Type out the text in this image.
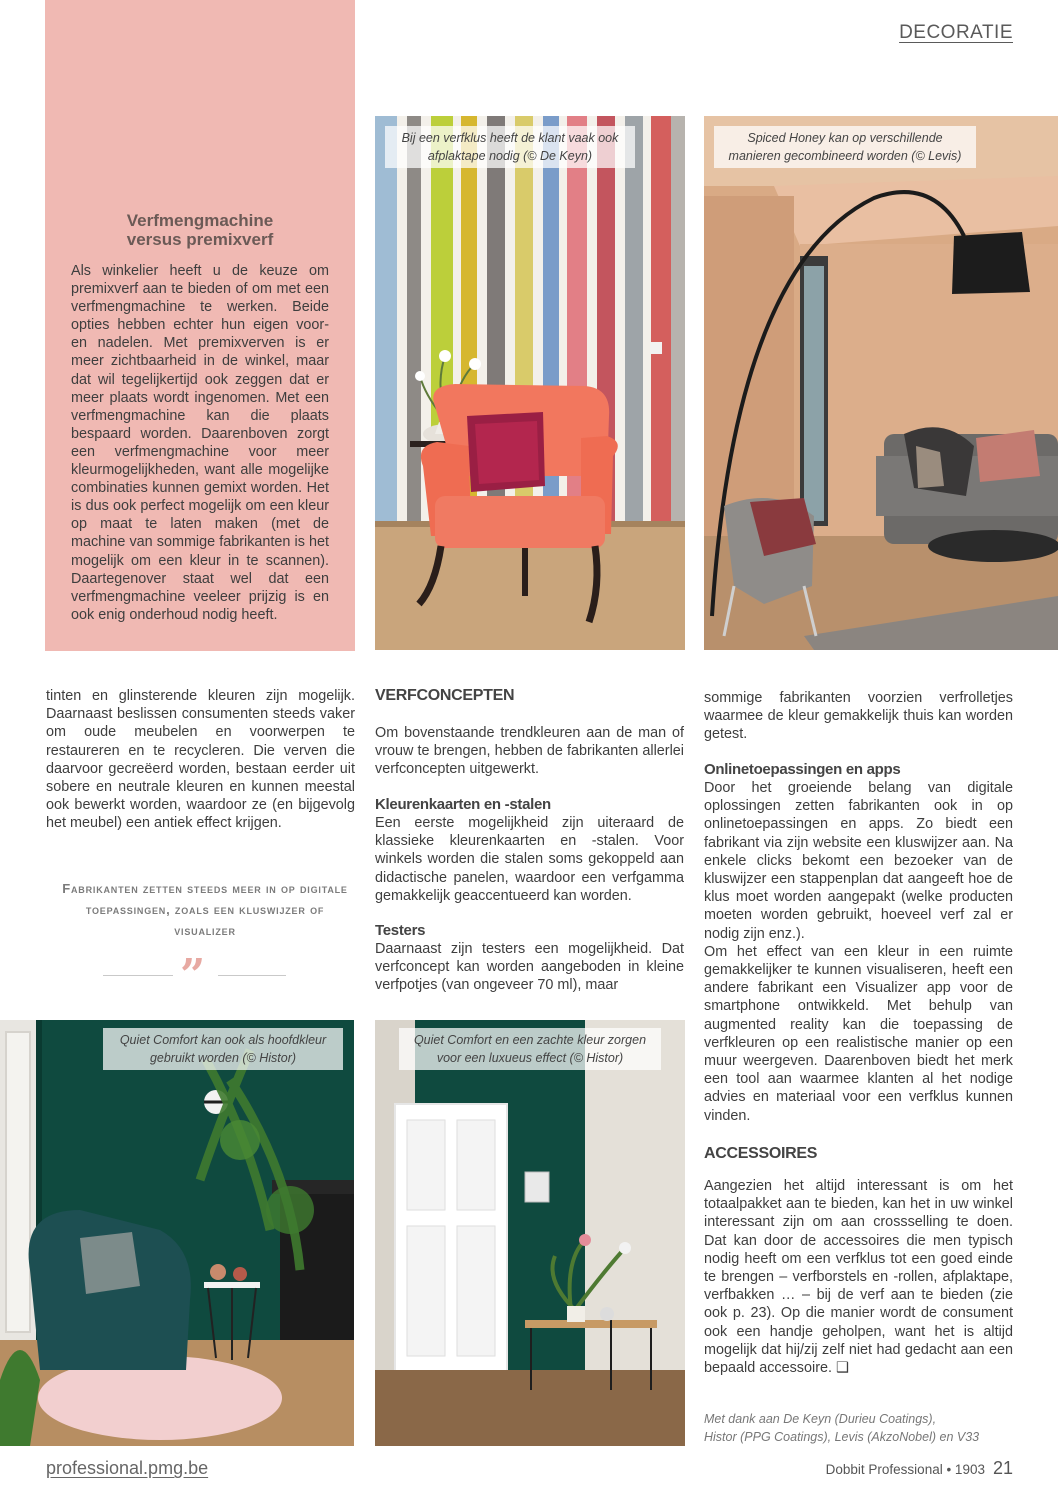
DECORATIE
Verfmengmachine
versus premixverf
Als winkelier heeft u de keuze om premixverf aan te bieden of om met een verfmengmachine te werken. Beide opties hebben echter hun eigen voor- en nadelen. Met premixverven is er meer zichtbaarheid in de winkel, maar dat wil tegelijkertijd ook zeggen dat er meer plaats wordt ingenomen. Met een verfmengmachine kan die plaats bespaard worden. Daarenboven zorgt een verfmengmachine voor meer kleurmogelijkheden, want alle mogelijke combinaties kunnen gemixt worden. Het is dus ook perfect mogelijk om een kleur op maat te laten maken (met de machine van sommige fabrikanten is het mogelijk om een kleur in te scannen). Daartegenover staat wel dat een verfmengmachine veeleer prijzig is en ook enig onderhoud nodig heeft.
Bij een verfklus heeft de klant vaak ook afplaktape nodig (© De Keyn)
Spiced Honey kan op verschillende manieren gecombineerd worden (© Levis)
tinten en glinsterende kleuren zijn mogelijk. Daarnaast beslissen consumenten steeds vaker om oude meubelen en voorwerpen te restaureren en te recycleren. Die verven die daarvoor gecreëerd worden, bestaan eerder uit sobere en neutrale kleuren en kunnen meestal ook bewerkt worden, waardoor ze (en bijgevolg het meubel) een antiek effect krijgen.
Fabrikanten zetten steeds meer in op digitale toepassingen, zoals een kluswijzer of visualizer
”
Quiet Comfort kan ook als hoofdkleur gebruikt worden (© Histor)
VERFCONCEPTEN
Om bovenstaande trendkleuren aan de man of vrouw te brengen, hebben de fabrikanten allerlei verfconcepten uitgewerkt.
Kleurenkaarten en -stalen
Een eerste mogelijkheid zijn uiteraard de klassieke kleurenkaarten en -stalen. Voor winkels worden die stalen soms gekoppeld aan didactische panelen, waardoor een verfgamma gemakkelijk geaccentueerd kan worden.
Testers
Daarnaast zijn testers een mogelijkheid. Dat verfconcept kan worden aangeboden in kleine verfpotjes (van ongeveer 70 ml), maar
Quiet Comfort en een zachte kleur zorgen voor een luxueus effect (© Histor)
sommige fabrikanten voorzien verfrolletjes waarmee de kleur gemakkelijk thuis kan worden getest.
Onlinetoepassingen en apps

Door het groeiende belang van digitale oplossingen zetten fabrikanten ook in op onlinetoepassingen en apps. Zo biedt een fabrikant via zijn website een kluswijzer aan. Na enkele clicks bekomt een bezoeker van de kluswijzer een stappenplan dat aangeeft hoe de klus moet worden aangepakt (welke producten moeten worden gebruikt, hoeveel verf zal er nodig zijn enz.).

Om het effect van een kleur in een ruimte gemakkelijker te kunnen visualiseren, heeft een andere fabrikant een Visualizer app voor de smartphone ontwikkeld. Met behulp van augmented reality kan die toepassing de verfkleuren op een realistische manier op een muur weergeven. Daarenboven biedt het merk een tool aan waarmee klanten al het nodige advies en materiaal voor een verfklus kunnen vinden.

ACCESSOIRES
Aangezien het altijd interessant is om het totaalpakket aan te bieden, kan het in uw winkel interessant zijn om aan crossselling te doen. Dat kan door de accessoires die men typisch nodig heeft om een verfklus tot een goed einde te brengen – verfborstels en -rollen, afplaktape, verfbakken … – bij de verf aan te bieden (zie ook p. 23). Op die manier wordt de consument ook een handje geholpen, want het is altijd mogelijk dat hij/zij zelf niet had gedacht aan een bepaald accessoire. ❑
Met dank aan De Keyn (Durieu Coatings),
Histor (PPG Coatings), Levis (AkzoNobel) en V33
professional.pmg.be	Dobbit Professional • 1903 21
